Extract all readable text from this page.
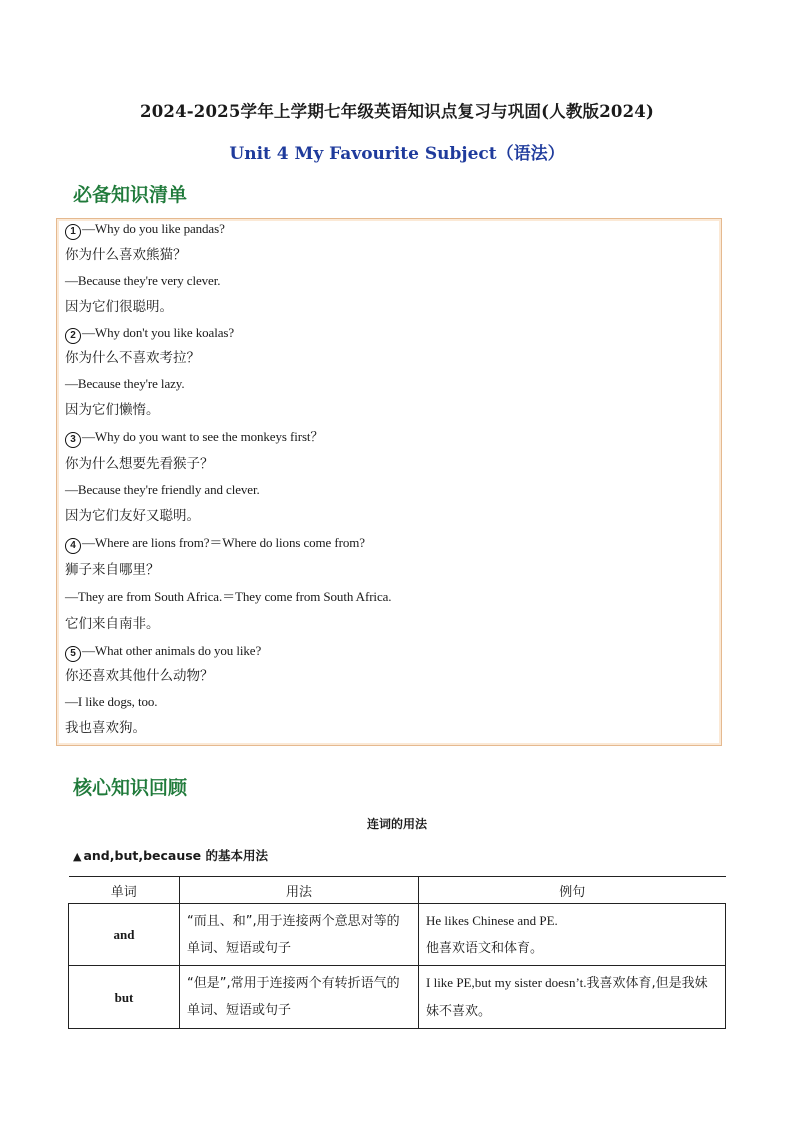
2024-2025学年上学期七年级英语知识点复习与巩固(人教版2024)
Unit 4 My Favourite Subject（语法）
必备知识清单
1 —Why do you like pandas?
你为什么喜欢熊猫？
—Because they're very clever.
因为它们很聪明。
2 —Why don't you like koalas?
你为什么不喜欢考拉？
—Because they're lazy.
因为它们懒惰。
3 —Why do you want to see the monkeys first？
你为什么想要先看猴子？
—Because they're friendly and clever.
因为它们友好又聪明。
4 —Where are lions from?＝Where do lions come from?
狮子来自哪里？
—They are from South Africa.＝They come from South Africa.
它们来自南非。
5 —What other animals do you like?
你还喜欢其他什么动物？
—I like dogs, too.
我也喜欢狗。
核心知识回顾
连词的用法
▲ and,but,because 的基本用法
单词	用法	例句
and	“而且、和”,用于连接两个意思对等的单词、短语或句子	He likes Chinese and PE.
他喜欢语文和体育。
but	“但是”,常用于连接两个有转折语气的单词、短语或句子	I like PE,but my sister doesn’t.我喜欢体育,但是我妹妹不喜欢。
